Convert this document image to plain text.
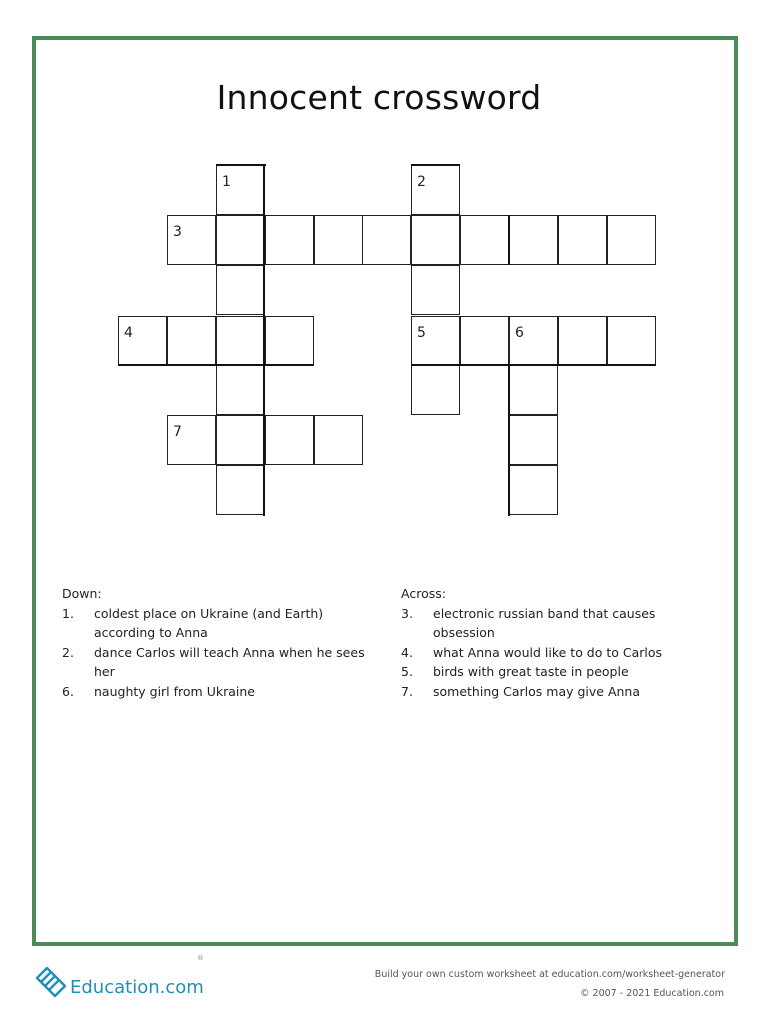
Innocent crossword
1	2
3
4	5	6
7
Down:
1. coldest place on Ukraine (and Earth) according to Anna
2. dance Carlos will teach Anna when he sees her
6. naughty girl from Ukraine
Across:
3. electronic russian band that causes obsession
4. what Anna would like to do to Carlos
5. birds with great taste in people
7. something Carlos may give Anna
Education.com
®
Build your own custom worksheet at education.com/worksheet-generator
© 2007 - 2021 Education.com
